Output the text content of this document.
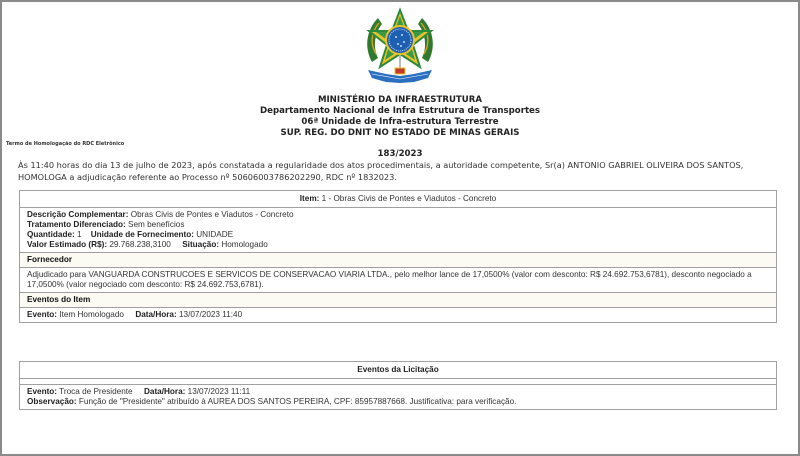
MINISTÉRIO DA INFRAESTRUTURA
Departamento Nacional de Infra Estrutura de Transportes
06ª Unidade de Infra-estrutura Terrestre
SUP. REG. DO DNIT NO ESTADO DE MINAS GERAIS
183/2023
Termo de Homologação do RDC Eletrônico
Às 11:40 horas do dia 13 de julho de 2023, após constatada a regularidade dos atos procedimentais, a autoridade competente, Sr(a) ANTONIO GABRIEL OLIVEIRA DOS SANTOS, HOMOLOGA a adjudicação referente ao Processo nº 50606003786202290, RDC nº 1832023.
Item: 1 - Obras Civis de Pontes e Viadutos - Concreto
Descrição Complementar: Obras Civis de Pontes e Viadutos - Concreto
Tratamento Diferenciado: Sem benefícios
Quantidade: 1 Unidade de Fornecimento: UNIDADE
Valor Estimado (R$): 29.768.238,3100 Situação: Homologado
Fornecedor
Adjudicado para VANGUARDA CONSTRUCOES E SERVICOS DE CONSERVACAO VIARIA LTDA., pelo melhor lance de 17,0500% (valor com desconto: R$ 24.692.753,6781), desconto negociado a 17,0500% (valor negociado com desconto: R$ 24.692.753,6781).
Eventos do Item
Evento: Item Homologado Data/Hora: 13/07/2023 11:40
Eventos da Licitação
Evento: Troca de Presidente Data/Hora: 13/07/2023 11:11
Observação: Função de "Presidente" atribuído à AUREA DOS SANTOS PEREIRA, CPF: 85957887668. Justificativa: para verificação.
